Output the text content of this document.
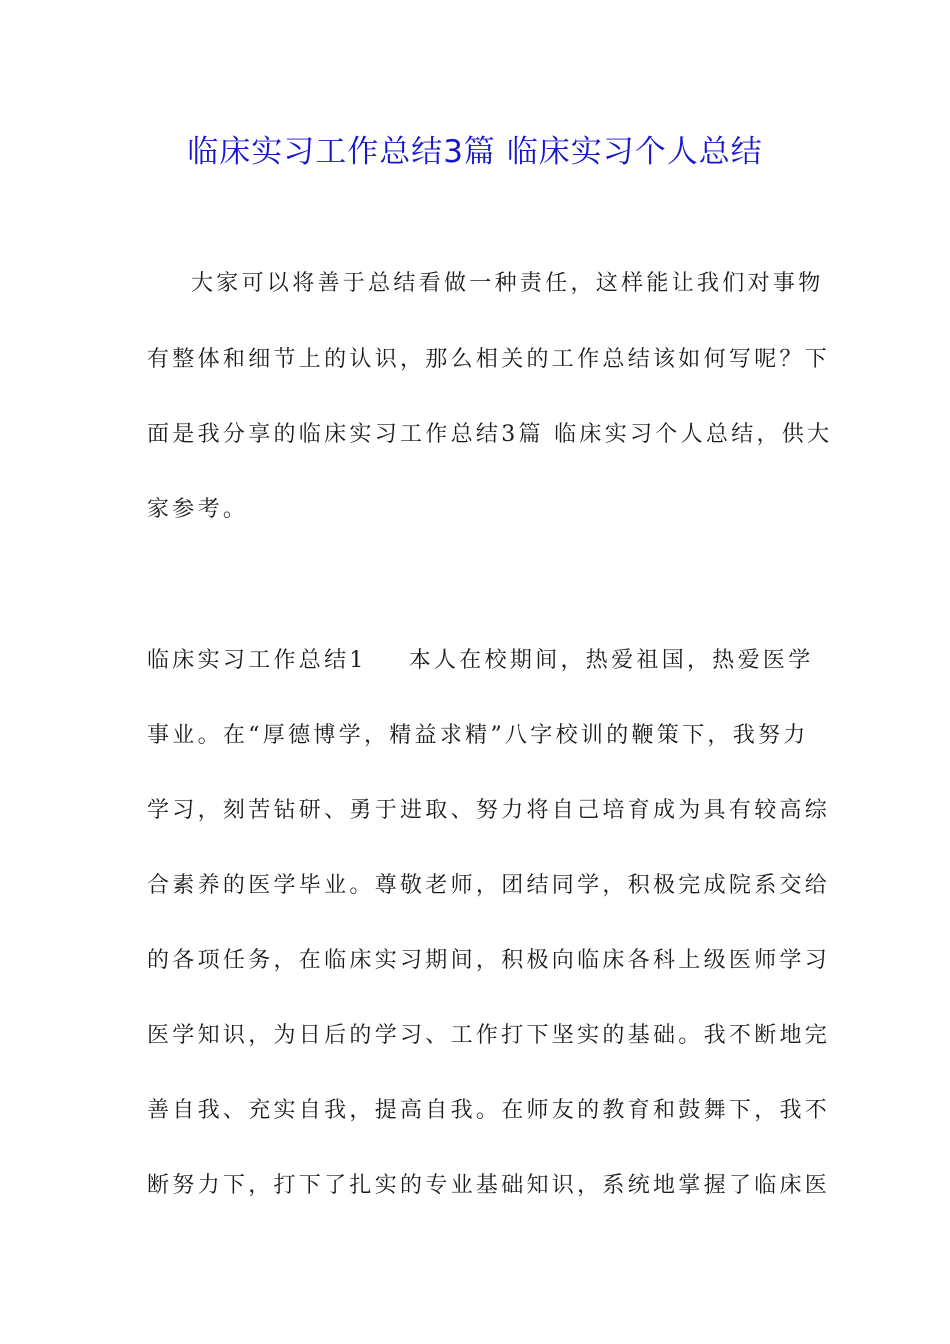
临床实习工作总结3篇 临床实习个人总结
大家可以将善于总结看做一种责任，这样能让我们对事物
有整体和细节上的认识，那么相关的工作总结该如何写呢？下
面是我分享的临床实习工作总结3篇 临床实习个人总结，供大
家参考。
临床实习工作总结1 本人在校期间，热爱祖国，热爱医学
事业。在“厚德博学，精益求精”八字校训的鞭策下，我努力
学习，刻苦钻研、勇于进取、努力将自己培育成为具有较高综
合素养的医学毕业。尊敬老师，团结同学，积极完成院系交给
的各项任务，在临床实习期间，积极向临床各科上级医师学习
医学知识，为日后的学习、工作打下坚实的基础。我不断地完
善自我、充实自我，提高自我。在师友的教育和鼓舞下，我不
断努力下，打下了扎实的专业基础知识，系统地掌握了临床医
